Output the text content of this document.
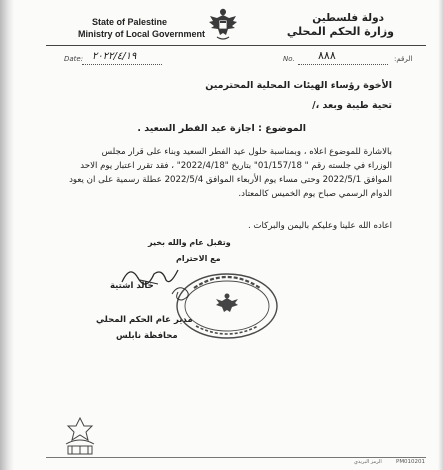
State of Palestine
Ministry of Local Government
دولة فلسطين
وزارة الحكم المحلي
Date: ٢٠٢٢/٤/١٩	No. ٨٨٨	:الرقم
الأخوة رؤساء الهيئات المحلية المحترمين
تحية طيبة وبعد ،/
الموضوع : اجازة عيد الفطر السعيد .
بالاشارة للموضوع اعلاه ، وبمناسبة حلول عيد الفطر السعيد وبناء على قرار مجلس
الوزراء في جلسته رقم " 01/157/18" بتاريخ "2022/4/18" ، فقد تقرر اعتبار يوم الاحد
الموافق 2022/5/1 وحتى مساء يوم الأربعاء الموافق 2022/5/4 عطلة رسمية على ان يعود
الدوام الرسمي صباح يوم الخميس كالمعتاد.
اعاده الله علينا وعليكم باليمن والبركات .
وتقبل عام والله بخير
مع الاحترام
خالد اشتية
مدير عام الحكم المحلي
محافظة نابلس
PM010201
الرمز البريدي
